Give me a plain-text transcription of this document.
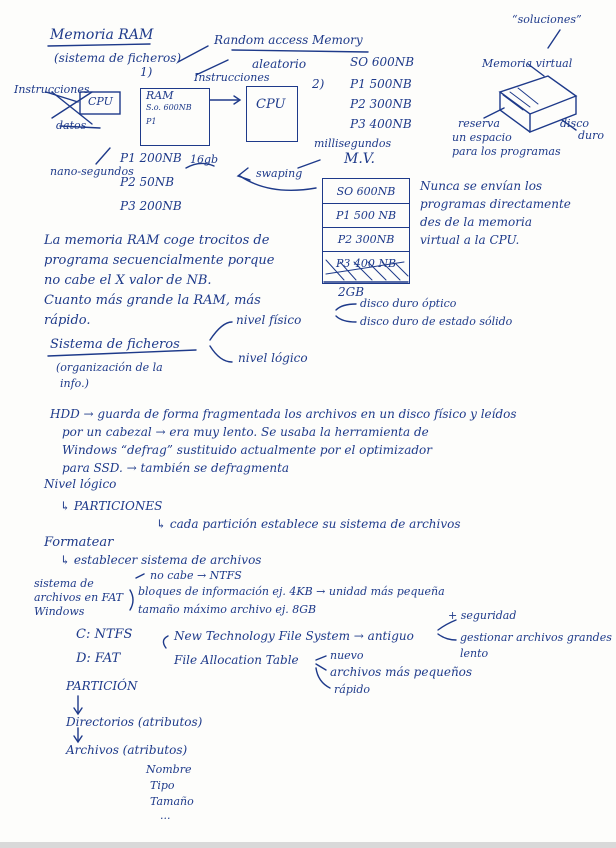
Memoria RAM
(sistema de ficheros)
1)
2)
“soluciones”
Random access Memory
aleatorio
Instrucciones
CPU
datos
Instrucciones
RAM
S.o. 600NB
P1
CPU
nano-segundos
P1 200NB
P2 50NB
P3 200NB
16gb
SO 600NB
P1 500NB
P2 300NB
P3 400NB
Memoria virtual
reserva
un espacio
para los programas
disco
duro
millisegundos
M.V.
swaping
SO 600NB
P1 500 NB
P2 300NB
P3 400 NB
2GB
Nunca se envían los
programas directamente
des de la memoria
virtual a la CPU.
La memoria RAM coge trocitos de
programa secuencialmente porque
no cabe el X valor de NB.
Cuanto más grande la RAM, más
rápido.
Sistema de ficheros
(organización de la
info.)
nivel físico
nivel lógico
disco duro óptico
disco duro de estado sólido
HDD → guarda de forma fragmentada los archivos en un disco físico y leídos
por un cabezal → era muy lento. Se usaba la herramienta de
Windows “defrag” sustituido actualmente por el optimizador
para SSD. → también se defragmenta
Nivel lógico
↳ PARTICIONES
↳ cada partición establece su sistema de archivos
Formatear
↳ establecer sistema de archivos
sistema de
archivos en FAT
Windows
no cabe → NTFS
bloques de información ej. 4KB → unidad más pequeña
tamaño máximo archivo ej. 8GB	+ seguridad
C: NTFS
D: FAT
New Technology File System → antiguo	gestionar archivos grandes
lento
File Allocation Table	nuevo
archivos más pequeños
rápido
PARTICIÓN
Directorios (atributos)
Archivos (atributos)
Nombre
Tipo
Tamaño
...
